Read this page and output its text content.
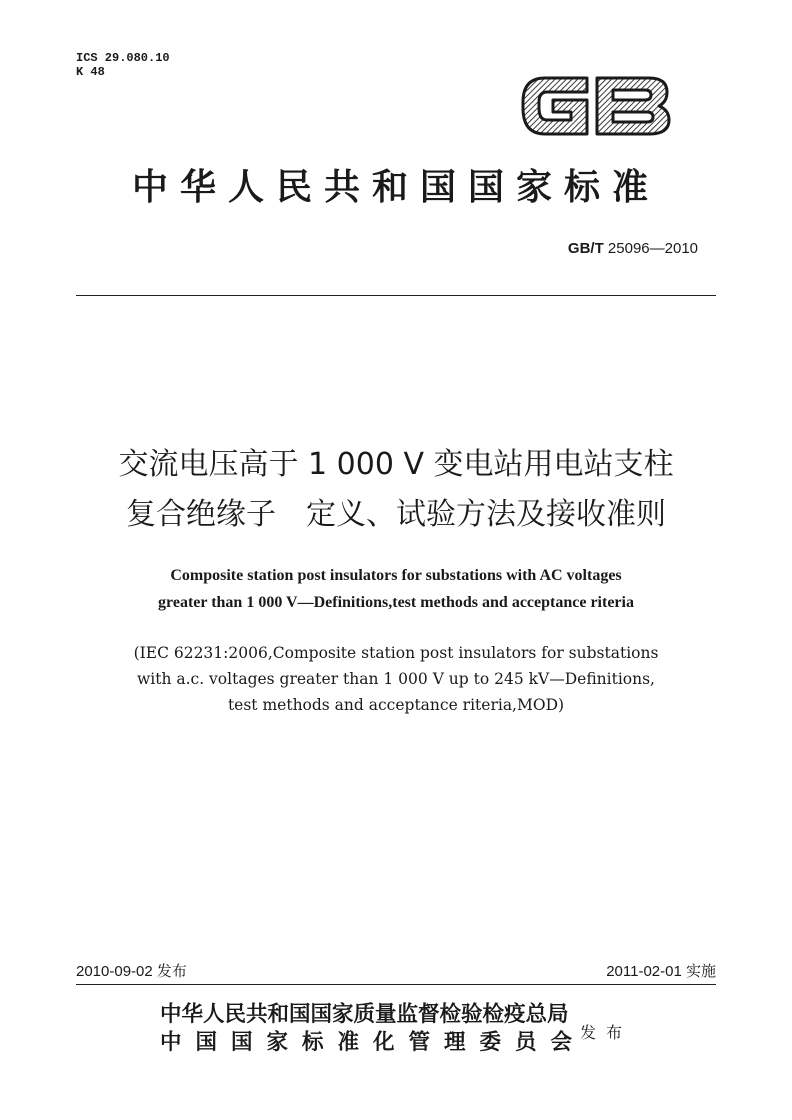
ICS 29.080.10
K 48
中华人民共和国国家标准
GB/T 25096—2010
交流电压高于 1 000 V 变电站用电站支柱
复合绝缘子　定义、试验方法及接收准则
Composite station post insulators for substations with AC voltages
greater than 1 000 V—Definitions,test methods and acceptance riteria
(IEC 62231:2006,Composite station post insulators for substations
with a.c. voltages greater than 1 000 V up to 245 kV—Definitions,
test methods and acceptance riteria,MOD)
2010-09-02 发布	2011-02-01 实施
中华人民共和国国家质量监督检验检疫总局
中国国家标准化管理委员会
发布
